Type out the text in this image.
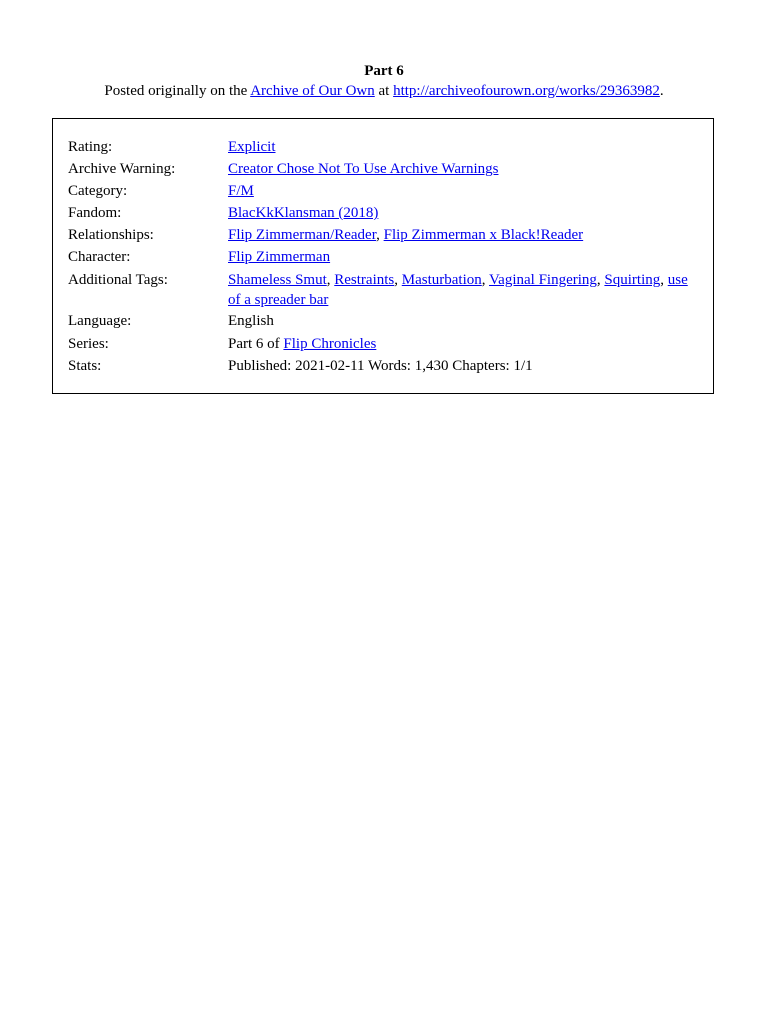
Part 6
Posted originally on the Archive of Our Own at http://archiveofourown.org/works/29363982.
Rating:	Explicit
Archive Warning:	Creator Chose Not To Use Archive Warnings
Category:	F/M
Fandom:	BlacKkKlansman (2018)
Relationships:	Flip Zimmerman/Reader, Flip Zimmerman x Black!Reader
Character:	Flip Zimmerman
Additional Tags:	Shameless Smut, Restraints, Masturbation, Vaginal Fingering, Squirting, use of a spreader bar
Language:	English
Series:	Part 6 of Flip Chronicles
Stats:	Published: 2021-02-11 Words: 1,430 Chapters: 1/1
